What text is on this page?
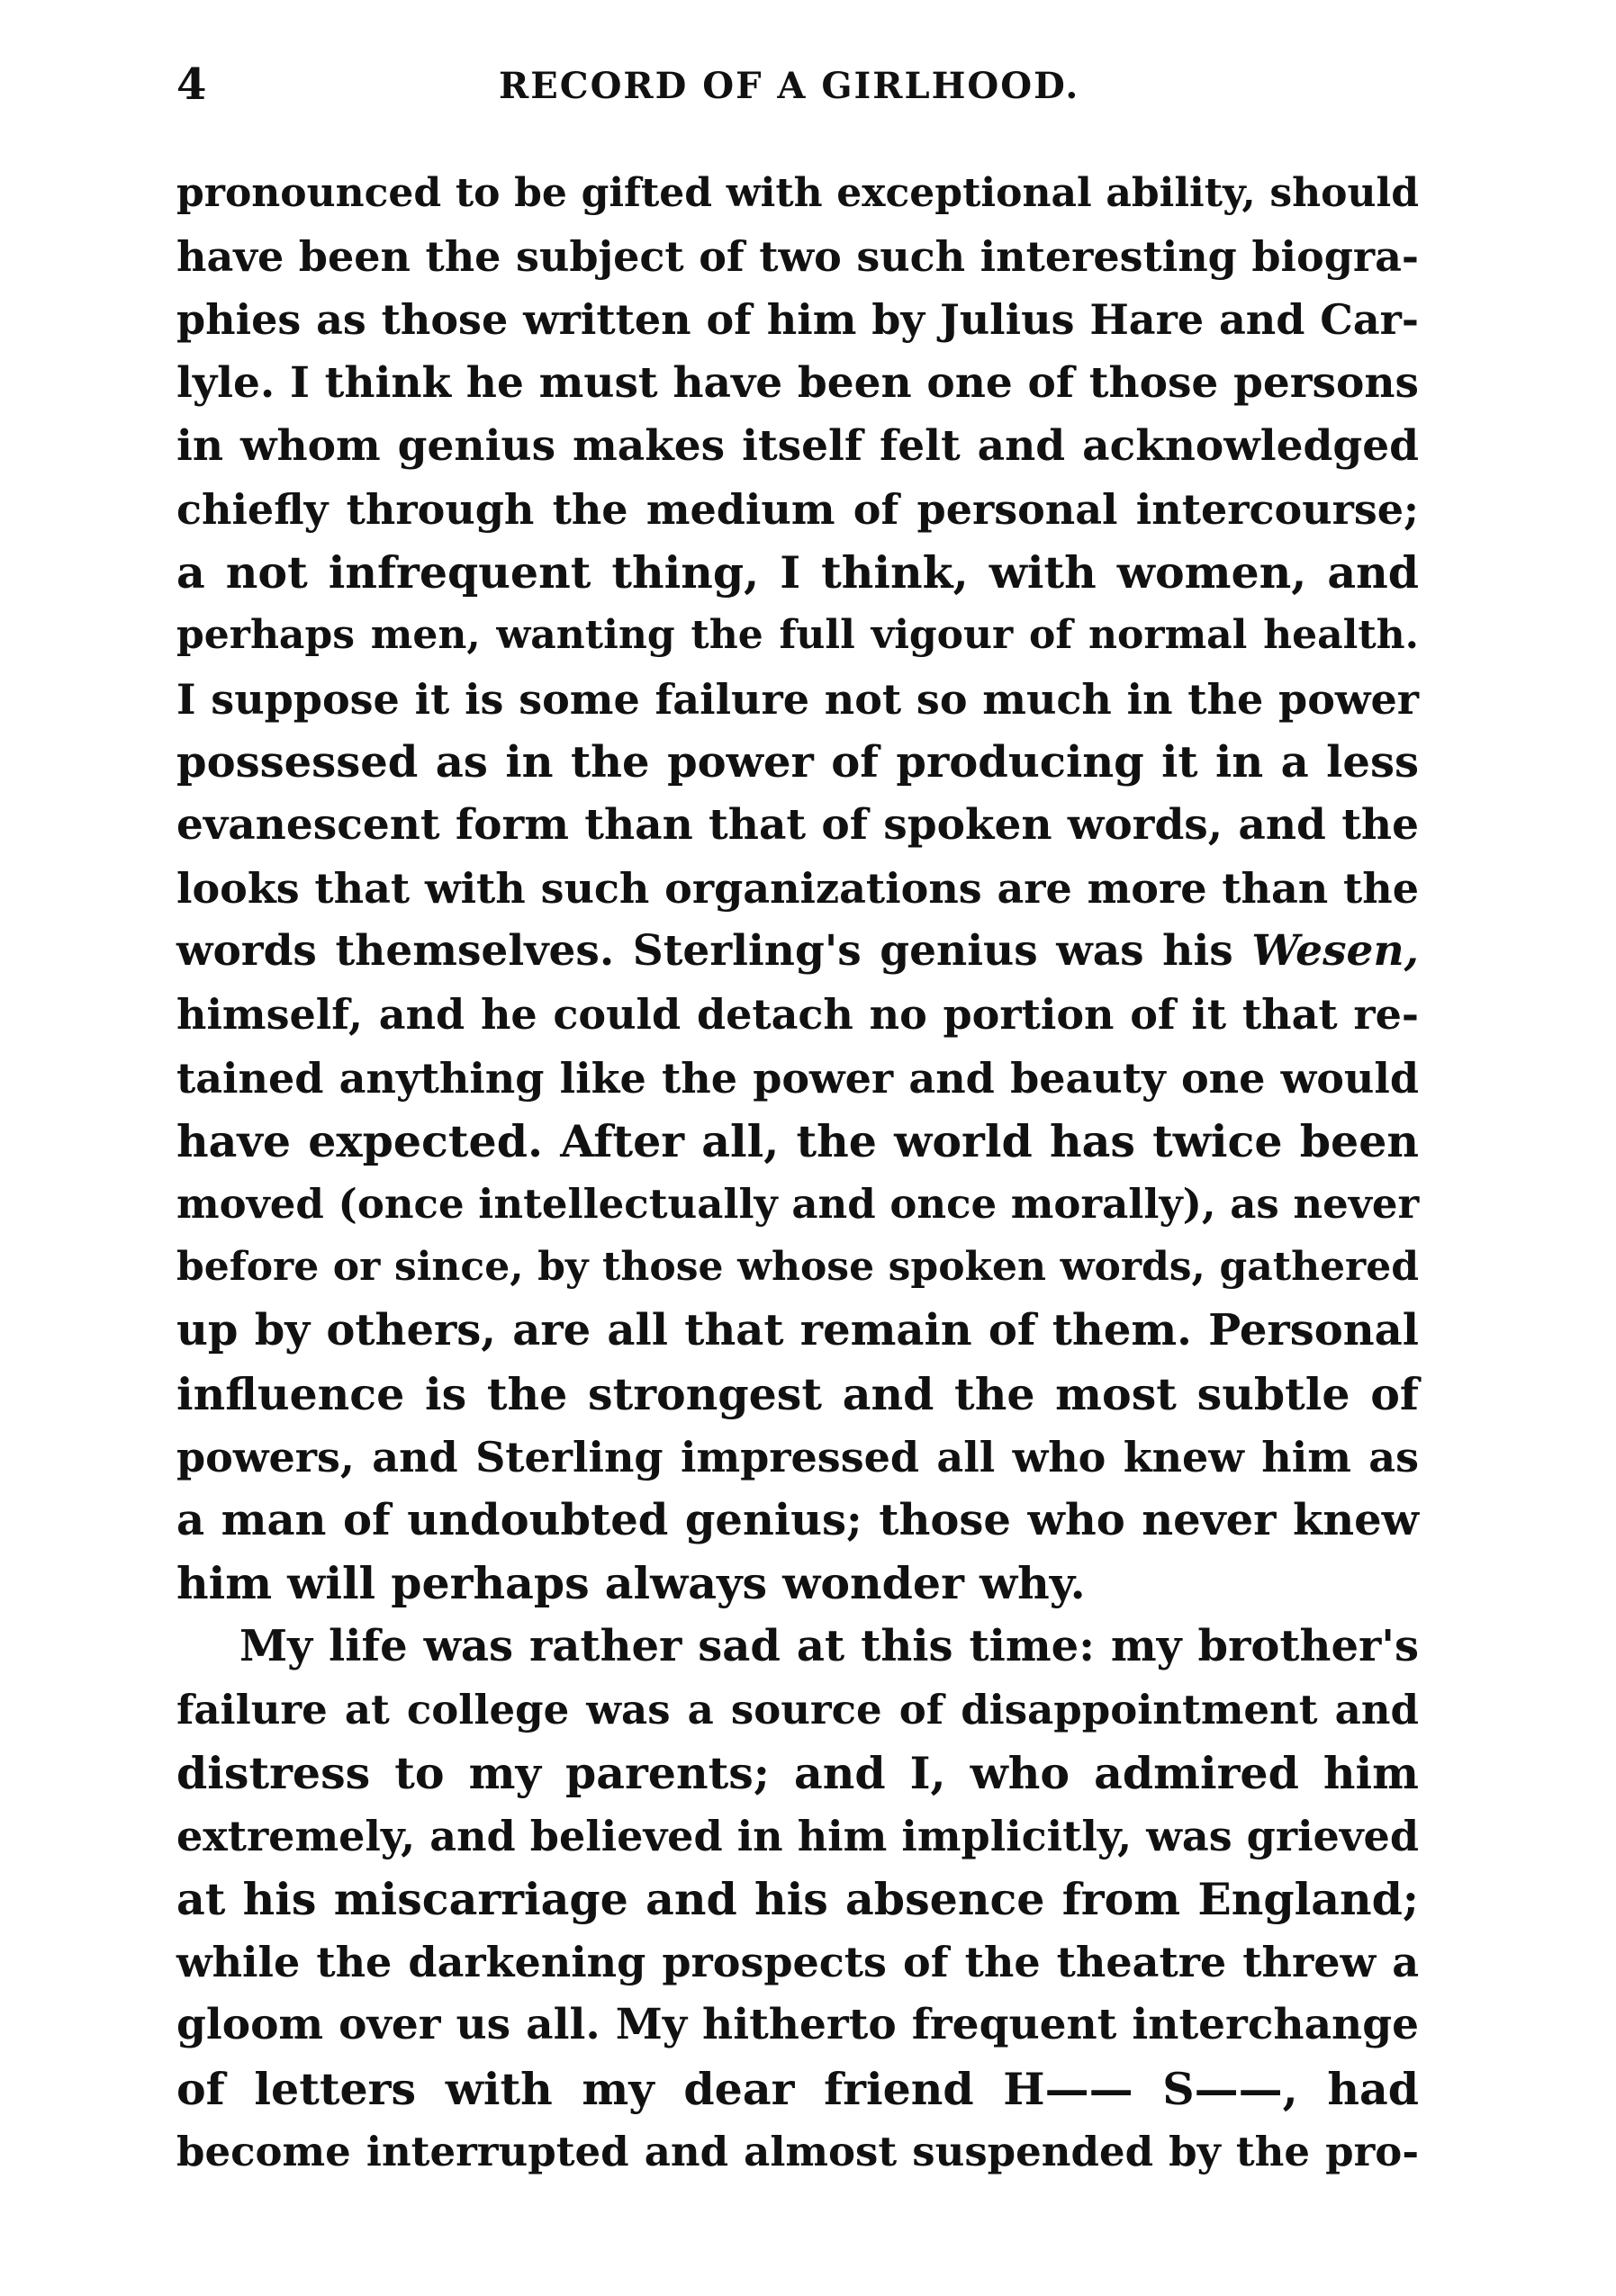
4	RECORD OF A GIRLHOOD.
pronounced to be gifted with exceptional ability, should
have been the subject of two such interesting biogra-
phies as those written of him by Julius Hare and Car-
lyle. I think he must have been one of those persons
in whom genius makes itself felt and acknowledged
chiefly through the medium of personal intercourse;
a not infrequent thing, I think, with women, and
perhaps men, wanting the full vigour of normal health.
I suppose it is some failure not so much in the power
possessed as in the power of producing it in a less
evanescent form than that of spoken words, and the
looks that with such organizations are more than the
words themselves. Sterling's genius was his Wesen,
himself, and he could detach no portion of it that re-
tained anything like the power and beauty one would
have expected. After all, the world has twice been
moved (once intellectually and once morally), as never
before or since, by those whose spoken words, gathered
up by others, are all that remain of them. Personal
influence is the strongest and the most subtle of
powers, and Sterling impressed all who knew him as
a man of undoubted genius; those who never knew
him will perhaps always wonder why.
My life was rather sad at this time: my brother's
failure at college was a source of disappointment and
distress to my parents; and I, who admired him
extremely, and believed in him implicitly, was grieved
at his miscarriage and his absence from England;
while the darkening prospects of the theatre threw a
gloom over us all. My hitherto frequent interchange
of letters with my dear friend H—— S——, had
become interrupted and almost suspended by the pro-
